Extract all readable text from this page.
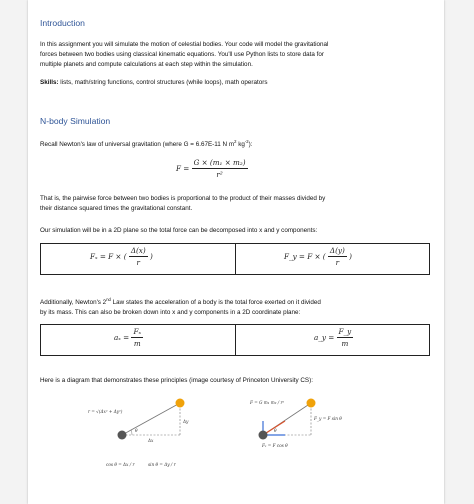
Introduction
In this assignment you will simulate the motion of celestial bodies. Your code will model the gravitational
forces between two bodies using classical kinematic equations. You'll use Python lists to store data for
multiple planets and compute calculations at each step within the simulation.
Skills: lists, math/string functions, control structures (while loops), math operators
N-body Simulation
Recall Newton's law of universal gravitation (where G = 6.67E-11 N $m^2$ $kg^{-2}$):
$F = \frac{\text{G × (m₁ × m₂)}}{\text{r²}}$
That is, the pairwise force between two bodies is proportional to the product of their masses divided by
their distance squared times the gravitational constant.
Our simulation will be in a 2D plane so the total force can be decomposed into x and y components:
Fₓ = F × ( $\frac{\Delta(x)}{r}$ )	F_y = F × ( $\frac{\Delta(y)}{r}$ )
Additionally, Newton's 2nd Law states the acceleration of a body is the total force exerted on it divided
by its mass. This can also be broken down into x and y components in a 2D coordinate plane:
$a_x = \frac{\text{Fₓ}}{m}$	a_y = $\frac{F\_y}{m}$
Here is a diagram that demonstrates these principles (image courtesy of Princeton University CS):
r = √(Δx² + Δy²)
Δy
Δx
θ
cos θ = Δx / r	sin θ = Δy / r
F = G m₁ m₂ / r²
F_y = F sin θ
Fₓ = F cos θ
θ
